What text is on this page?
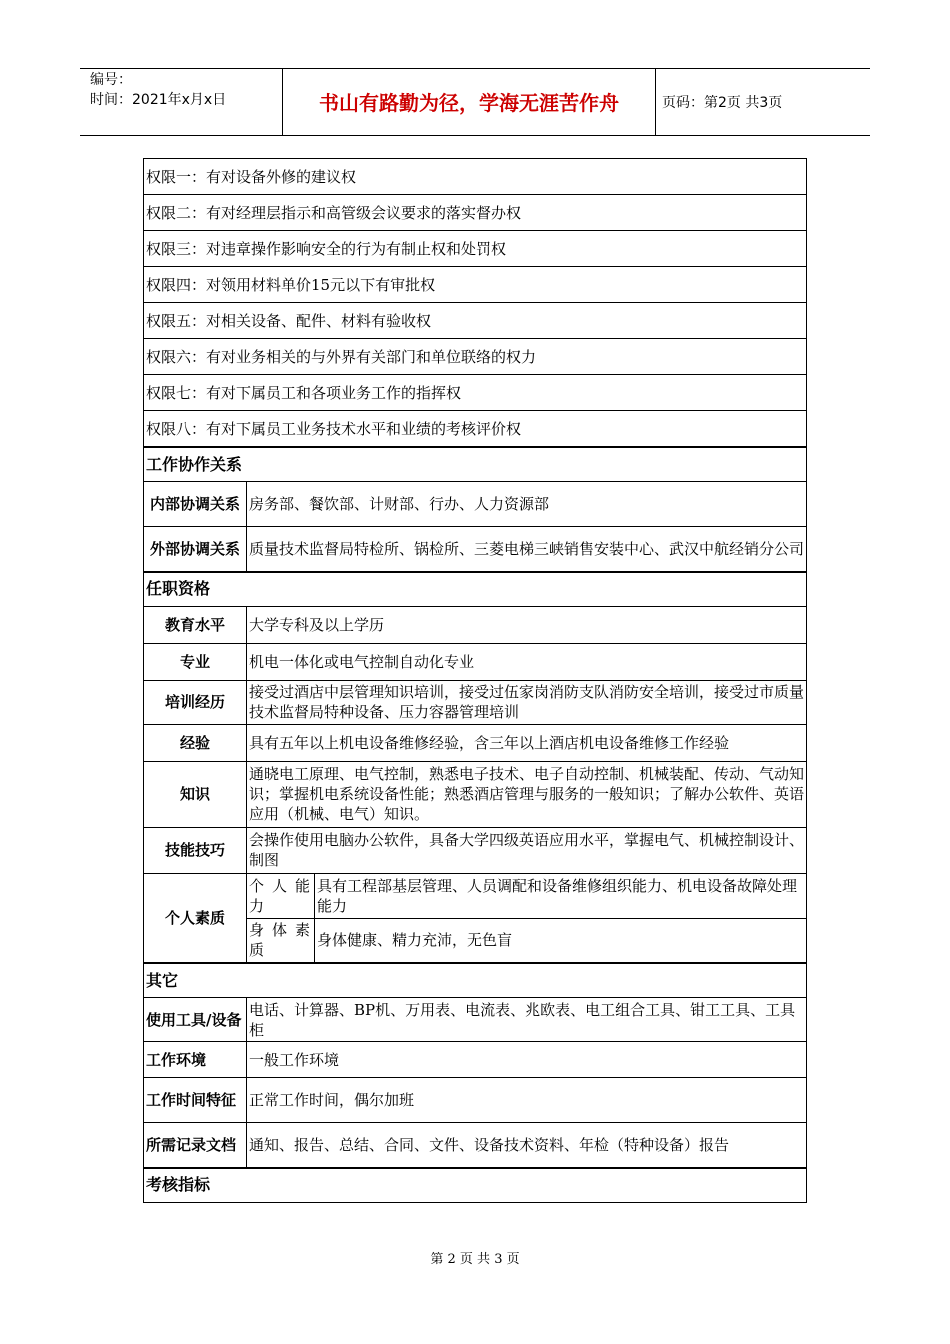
编号：
时间：2021年x月x日	书山有路勤为径，学海无涯苦作舟	页码：第2页 共3页
权限一：有对设备外修的建议权		
权限二：有对经理层指示和高管级会议要求的落实督办权		
权限三：对违章操作影响安全的行为有制止权和处罚权		
权限四：对领用材料单价15元以下有审批权		
权限五：对相关设备、配件、材料有验收权		
权限六：有对业务相关的与外界有关部门和单位联络的权力		
权限七：有对下属员工和各项业务工作的指挥权		
权限八：有对下属员工业务技术水平和业绩的考核评价权		
工作协作关系		
内部协调关系	房务部、餐饮部、计财部、行办、人力资源部	
外部协调关系	质量技术监督局特检所、锅检所、三菱电梯三峡销售安装中心、武汉中航经销分公司	
任职资格		
教育水平	大学专科及以上学历	
专业	机电一体化或电气控制自动化专业	
培训经历	接受过酒店中层管理知识培训，接受过伍家岗消防支队消防安全培训，接受过市质量技术监督局特种设备、压力容器管理培训	
经验	具有五年以上机电设备维修经验，含三年以上酒店机电设备维修工作经验	
知识	通晓电工原理、电气控制，熟悉电子技术、电子自动控制、机械装配、传动、气动知识；掌握机电系统设备性能；熟悉酒店管理与服务的一般知识；了解办公软件、英语应用（机械、电气）知识。	
技能技巧	会操作使用电脑办公软件，具备大学四级英语应用水平，掌握电气、机械控制设计、制图	
个人素质	个人能力	具有工程部基层管理、人员调配和设备维修组织能力、机电设备故障处理能力
	身体素质	身体健康、精力充沛，无色盲
其它		
使用工具/设备	电话、计算器、BP机、万用表、电流表、兆欧表、电工组合工具、钳工工具、工具柜	
工作环境	一般工作环境	
工作时间特征	正常工作时间，偶尔加班	
所需记录文档	通知、报告、总结、合同、文件、设备技术资料、年检（特种设备）报告	
考核指标		
第 2 页 共 3 页
